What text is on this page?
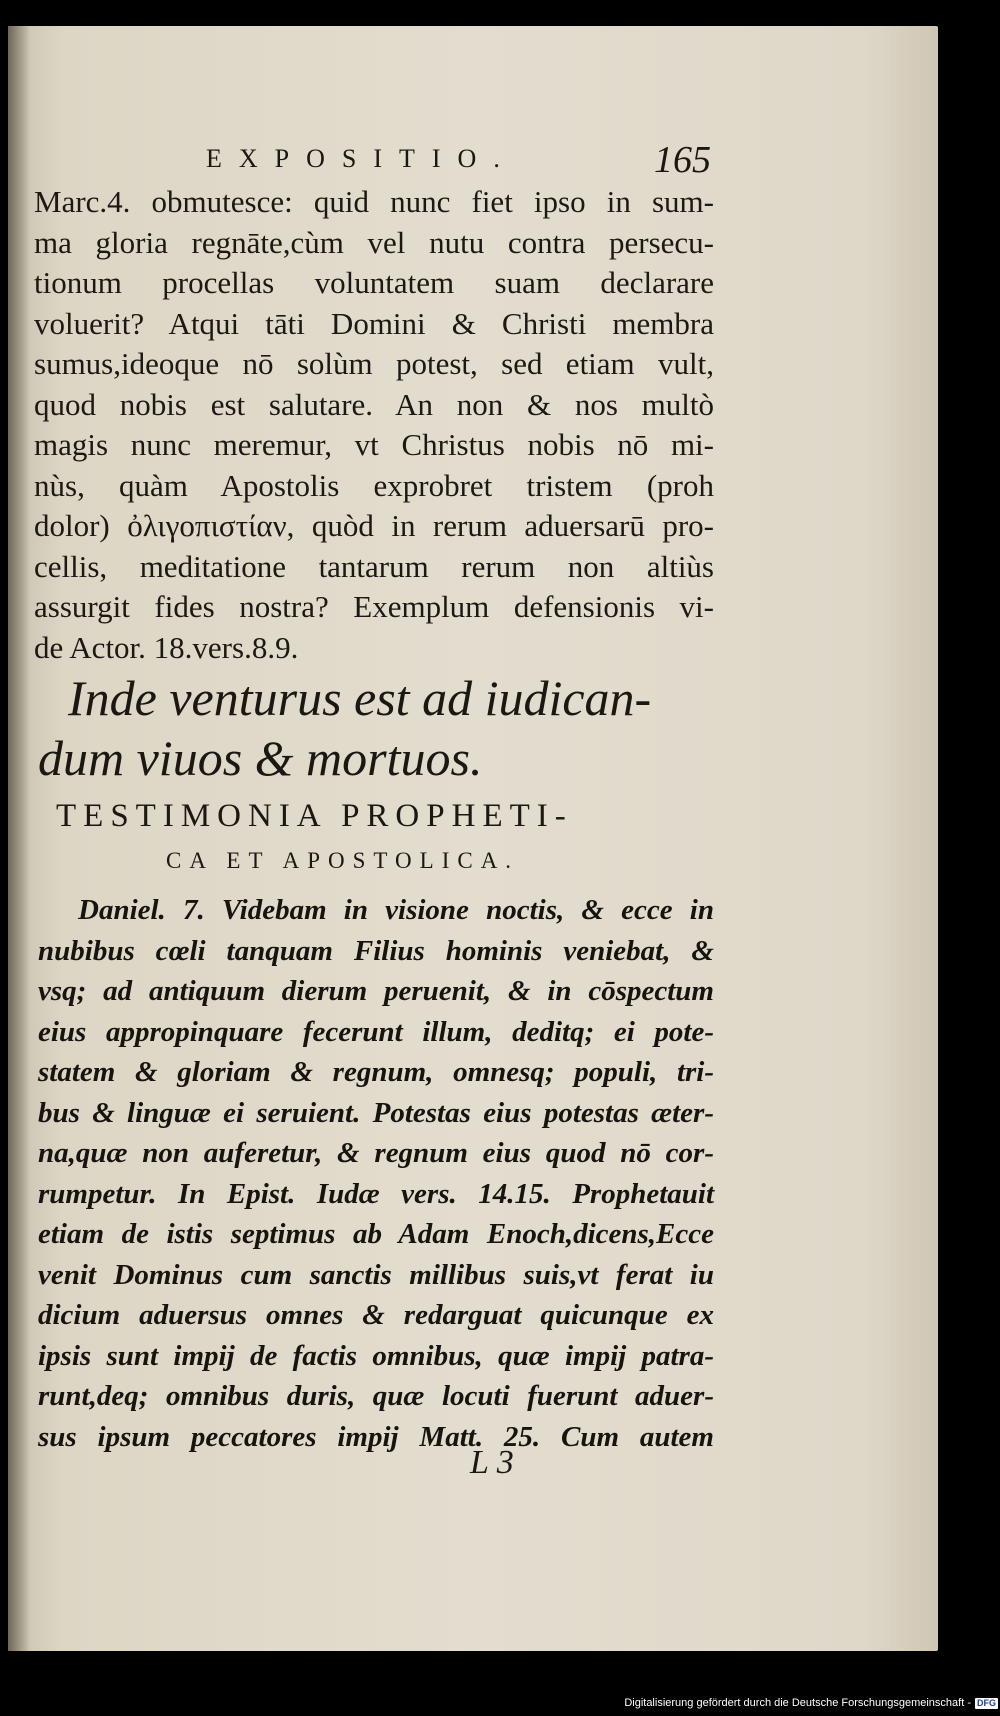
EXPOSITIO.	165
Marc.4. obmutesce: quid nunc fiet ipso in sum-
ma gloria regnāte,cùm vel nutu contra persecu-
tionum procellas voluntatem suam declarare
voluerit? Atqui tāti Domini & Christi membra
sumus,ideoque nō solùm potest, sed etiam vult,
quod nobis est salutare. An non & nos multò
magis nunc meremur, vt Christus nobis nō mi-
nùs, quàm Apostolis exprobret tristem (proh
dolor) ὀλιγοπιστίαν, quòd in rerum aduersarū pro-
cellis, meditatione tantarum rerum non altiùs
assurgit fides nostra? Exemplum defensionis vi-
de Actor. 18.vers.8.9.
Inde venturus est ad iudican-
dum viuos & mortuos.
TESTIMONIA PROPHETI-
CA ET APOSTOLICA.
Daniel. 7. Videbam in visione noctis, & ecce in
nubibus cœli tanquam Filius hominis veniebat, &
vsq; ad antiquum dierum peruenit, & in cōspectum
eius appropinquare fecerunt illum, deditq; ei pote-
statem & gloriam & regnum, omnesq; populi, tri-
bus & linguæ ei seruient. Potestas eius potestas æter-
na,quæ non auferetur, & regnum eius quod nō cor-
rumpetur. In Epist. Iudæ vers. 14.15. Prophetauit
etiam de istis septimus ab Adam Enoch,dicens,Ecce
venit Dominus cum sanctis millibus suis,vt ferat iu
dicium aduersus omnes & redarguat quicunque ex
ipsis sunt impij de factis omnibus, quæ impij patra-
runt,deq; omnibus duris, quæ locuti fuerunt aduer-
sus ipsum peccatores impij Matt. 25. Cum autem
L 3
Digitalisierung gefördert durch die Deutsche Forschungsgemeinschaft - DFG
